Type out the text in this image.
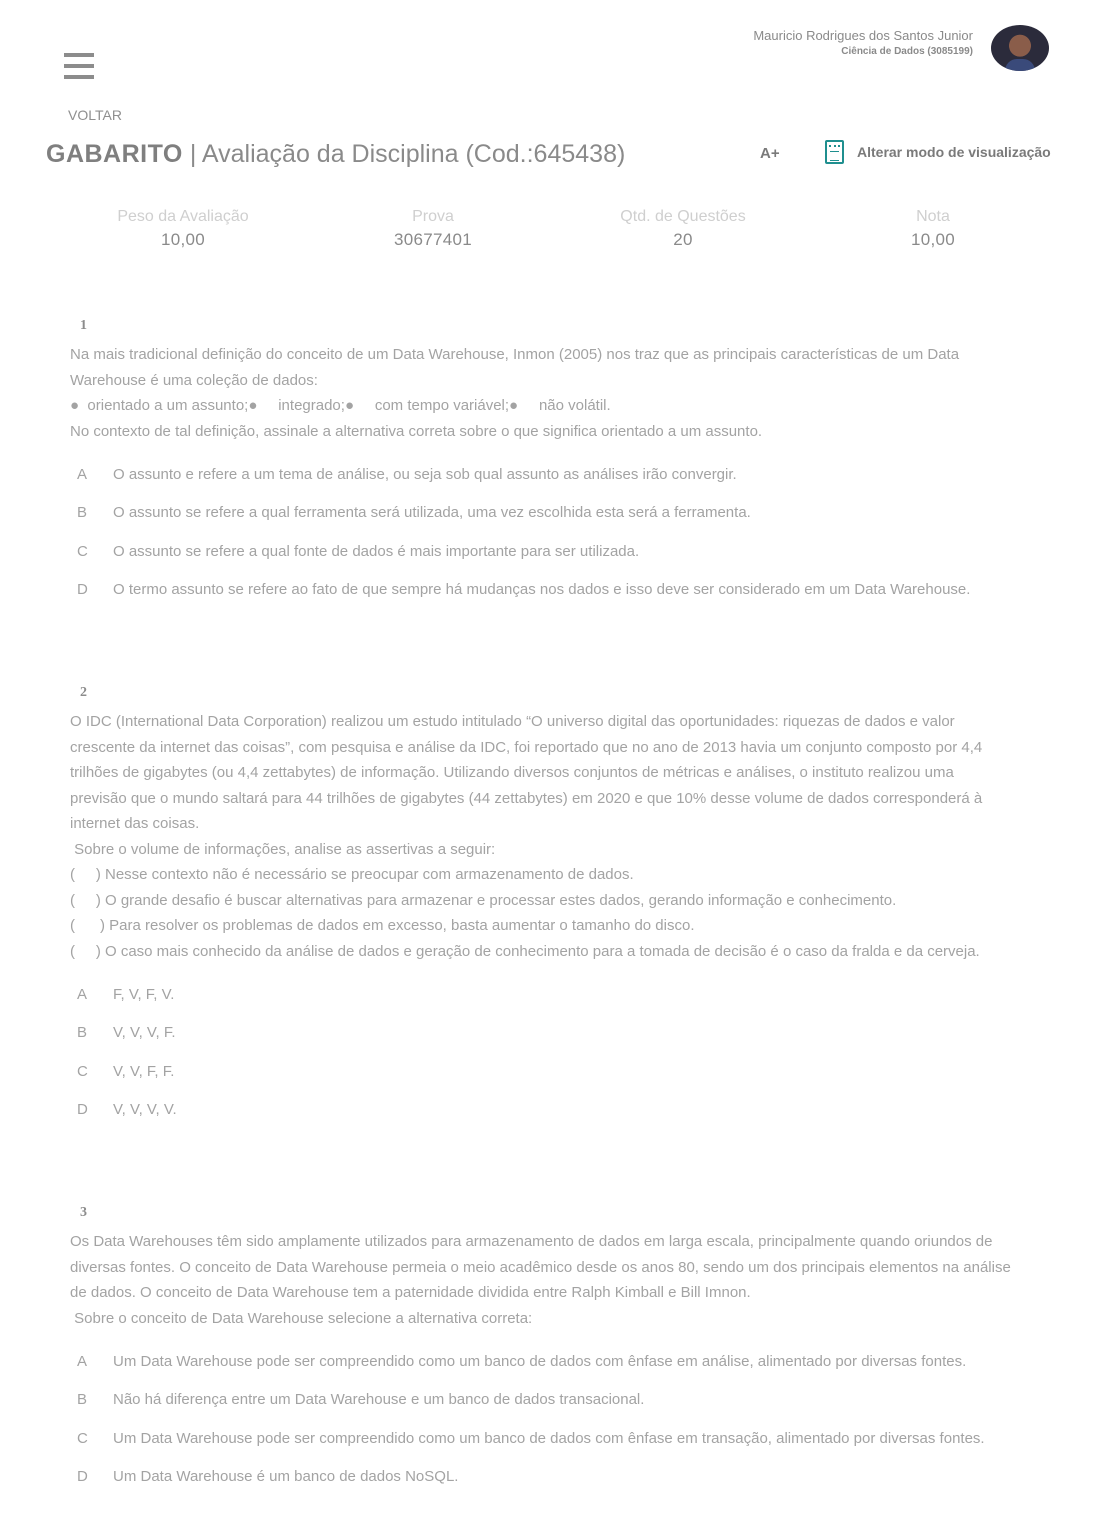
Mauricio Rodrigues dos Santos Junior
Ciência de Dados (3085199)
VOLTAR
GABARITO | Avaliação da Disciplina (Cod.:645438)	A+	Alterar modo de visualização
Peso da Avaliação
10,00
Prova
30677401
Qtd. de Questões
20
Nota
10,00
1
Na mais tradicional definição do conceito de um Data Warehouse, Inmon (2005) nos traz que as principais características de um Data
Warehouse é uma coleção de dados:
●  orientado a um assunto;●     integrado;●     com tempo variável;●     não volátil.
No contexto de tal definição, assinale a alternativa correta sobre o que significa orientado a um assunto.
A	O assunto e refere a um tema de análise, ou seja sob qual assunto as análises irão convergir.
B	O assunto se refere a qual ferramenta será utilizada, uma vez escolhida esta será a ferramenta.
C	O assunto se refere a qual fonte de dados é mais importante para ser utilizada.
D	O termo assunto se refere ao fato de que sempre há mudanças nos dados e isso deve ser considerado em um Data Warehouse.
2
O IDC (International Data Corporation) realizou um estudo intitulado “O universo digital das oportunidades: riquezas de dados e valor
crescente da internet das coisas”, com pesquisa e análise da IDC, foi reportado que no ano de 2013 havia um conjunto composto por 4,4
trilhões de gigabytes (ou 4,4 zettabytes) de informação. Utilizando diversos conjuntos de métricas e análises, o instituto realizou uma
previsão que o mundo saltará para 44 trilhões de gigabytes (44 zettabytes) em 2020 e que 10% desse volume de dados corresponderá à
internet das coisas.
Sobre o volume de informações, analise as assertivas a seguir:
(     ) Nesse contexto não é necessário se preocupar com armazenamento de dados.
(     ) O grande desafio é buscar alternativas para armazenar e processar estes dados, gerando informação e conhecimento.
(      ) Para resolver os problemas de dados em excesso, basta aumentar o tamanho do disco.
(     ) O caso mais conhecido da análise de dados e geração de conhecimento para a tomada de decisão é o caso da fralda e da cerveja.
A	F, V, F, V.
B	V, V, V, F.
C	V, V, F, F.
D	V, V, V, V.
3
Os Data Warehouses têm sido amplamente utilizados para armazenamento de dados em larga escala, principalmente quando oriundos de
diversas fontes. O conceito de Data Warehouse permeia o meio acadêmico desde os anos 80, sendo um dos principais elementos na análise
de dados. O conceito de Data Warehouse tem a paternidade dividida entre Ralph Kimball e Bill Imnon.
Sobre o conceito de Data Warehouse selecione a alternativa correta:
A	Um Data Warehouse pode ser compreendido como um banco de dados com ênfase em análise, alimentado por diversas fontes.
B	Não há diferença entre um Data Warehouse e um banco de dados transacional.
C	Um Data Warehouse pode ser compreendido como um banco de dados com ênfase em transação, alimentado por diversas fontes.
D	Um Data Warehouse é um banco de dados NoSQL.
